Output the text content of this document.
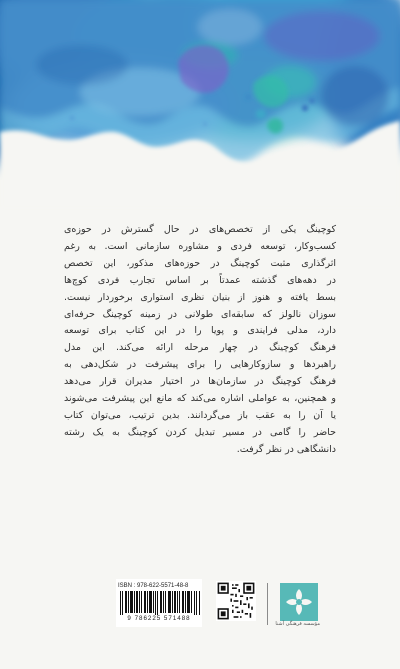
کوچینگ یکی از تخصص‌های در حال گسترش در حوزه‌ی

کسب‌وکار، توسعه فردی و مشاوره سازمانی است. به رغم

اثرگذاری مثبت کوچینگ در حوزه‌های مذکور، این تخصص

در دهه‌های گذشته عمدتاً بر اساس تجارب فردی کوچ‌ها

بسط یافته و هنوز از بنیان نظری استواری برخوردار نیست.

سوزان نالولز که سابقه‌ای طولانی در زمینه کوچینگ حرفه‌ای

دارد، مدلی فرایندی و پویا را در این کتاب برای توسعه

فرهنگ کوچینگ در چهار مرحله ارائه می‌کند. این مدل

راهبردها و سازوکارهایی را برای پیشرفت در شکل‌دهی به

فرهنگ کوچینگ در سازمان‌ها در اختیار مدیران قرار می‌دهد

و همچنین، به عواملی اشاره می‌کند که مانع این پیشرفت می‌شوند

یا آن را به عقب باز می‌گردانند. بدین ترتیب، می‌توان کتاب

حاضر را گامی در مسیر تبدیل کردن کوچینگ به یک رشته

دانشگاهی در نظر گرفت.

ISBN : 978-622-5571-48-8
9 786225 571488
مؤسسه فرهنگی آشنا
